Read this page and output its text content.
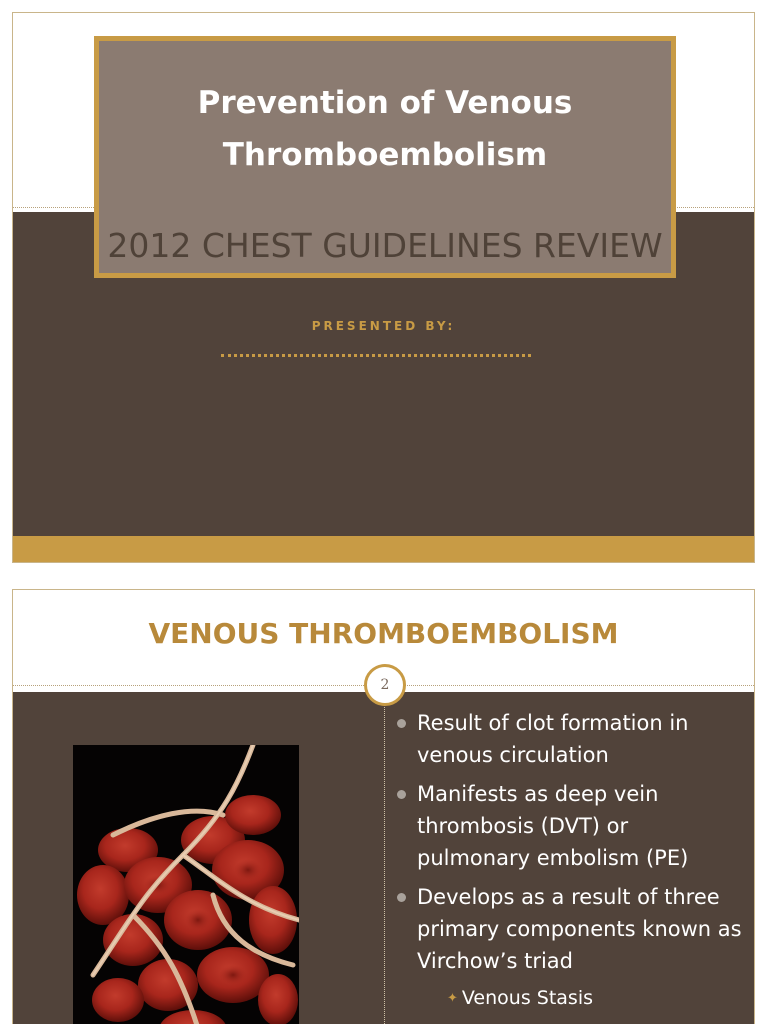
Prevention of Venous Thromboembolism
2012 CHEST GUIDELINES REVIEW
PRESENTED BY:
VENOUS THROMBOEMBOLISM
2
Result of clot formation in venous circulation
Manifests as deep vein thrombosis (DVT) or pulmonary embolism (PE)
Develops as a result of three primary components known as Virchow’s triad
✦ Venous Stasis
